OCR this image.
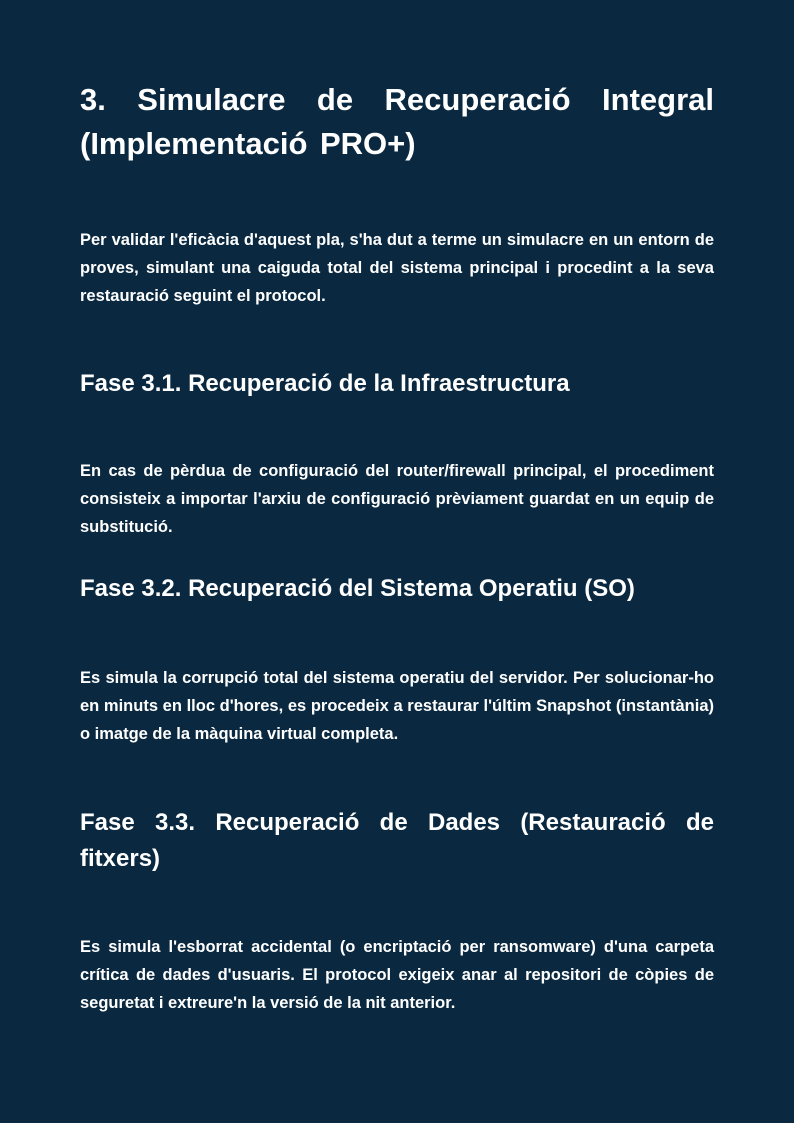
3. Simulacre de Recuperació Integral (Implementació PRO+)

Per validar l'eficàcia d'aquest pla, s'ha dut a terme un simulacre en un entorn de proves, simulant una caiguda total del sistema principal i procedint a la seva restauració seguint el protocol.

Fase 3.1. Recuperació de la Infraestructura

En cas de pèrdua de configuració del router/firewall principal, el procediment consisteix a importar l'arxiu de configuració prèviament guardat en un equip de substitució.

Fase 3.2. Recuperació del Sistema Operatiu (SO)

Es simula la corrupció total del sistema operatiu del servidor. Per solucionar-ho en minuts en lloc d'hores, es procedeix a restaurar l'últim Snapshot (instantània) o imatge de la màquina virtual completa.

Fase 3.3. Recuperació de Dades (Restauració de fitxers)

Es simula l'esborrat accidental (o encriptació per ransomware) d'una carpeta crítica de dades d'usuaris. El protocol exigeix anar al repositori de còpies de seguretat i extreure'n la versió de la nit anterior.
